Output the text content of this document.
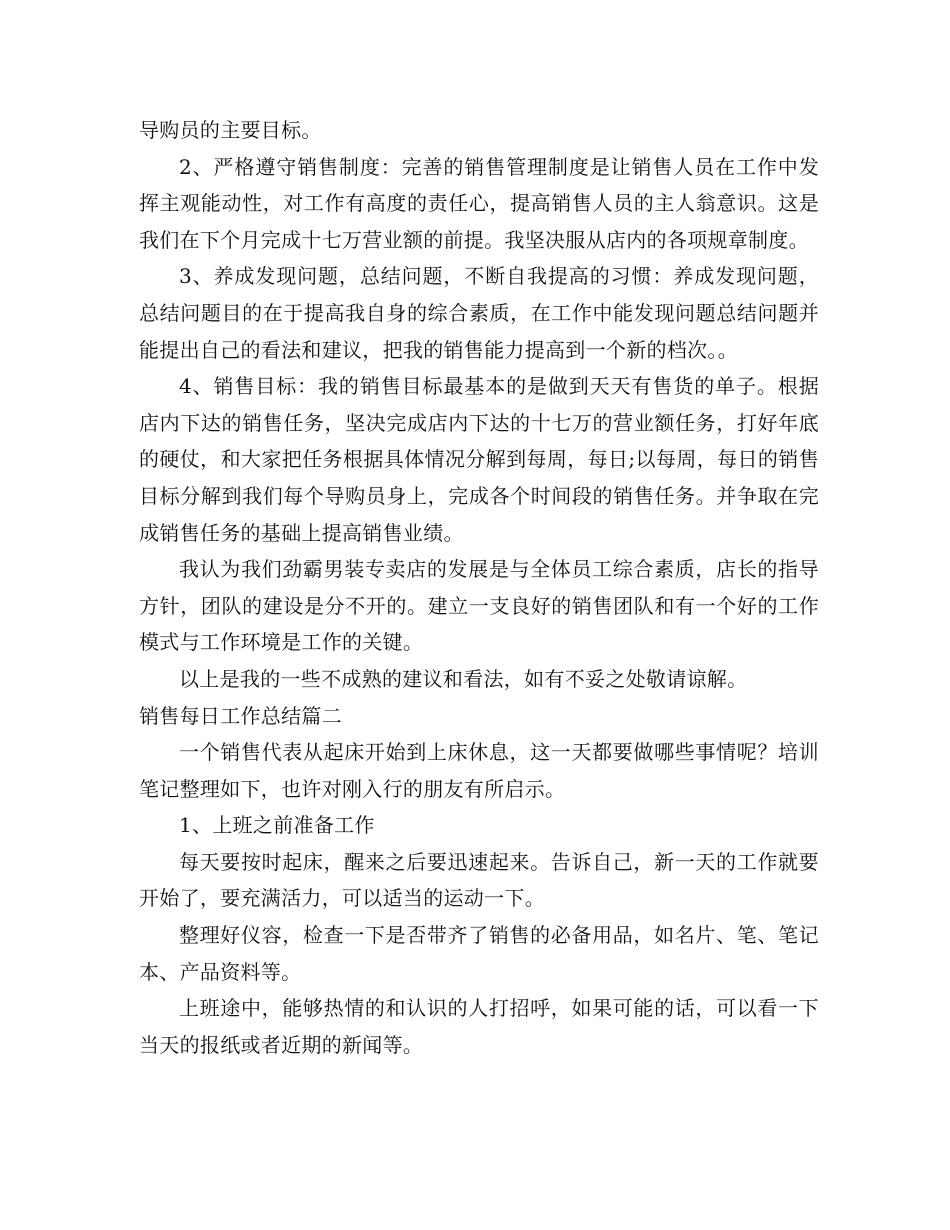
导购员的主要目标。

2、严格遵守销售制度：完善的销售管理制度是让销售人员在工作中发挥主观能动性，对工作有高度的责任心，提高销售人员的主人翁意识。这是我们在下个月完成十七万营业额的前提。我坚决服从店内的各项规章制度。

3、养成发现问题，总结问题，不断自我提高的习惯：养成发现问题，总结问题目的在于提高我自身的综合素质，在工作中能发现问题总结问题并能提出自己的看法和建议，把我的销售能力提高到一个新的档次。。

4、销售目标：我的销售目标最基本的是做到天天有售货的单子。根据店内下达的销售任务，坚决完成店内下达的十七万的营业额任务，打好年底的硬仗，和大家把任务根据具体情况分解到每周，每日;以每周，每日的销售目标分解到我们每个导购员身上，完成各个时间段的销售任务。并争取在完成销售任务的基础上提高销售业绩。

我认为我们劲霸男装专卖店的发展是与全体员工综合素质，店长的指导方针，团队的建设是分不开的。建立一支良好的销售团队和有一个好的工作模式与工作环境是工作的关键。

以上是我的一些不成熟的建议和看法，如有不妥之处敬请谅解。

销售每日工作总结篇二

一个销售代表从起床开始到上床休息，这一天都要做哪些事情呢？培训笔记整理如下，也许对刚入行的朋友有所启示。

1、上班之前准备工作

每天要按时起床，醒来之后要迅速起来。告诉自己，新一天的工作就要开始了，要充满活力，可以适当的运动一下。

整理好仪容，检查一下是否带齐了销售的必备用品，如名片、笔、笔记本、产品资料等。

上班途中，能够热情的和认识的人打招呼，如果可能的话，可以看一下当天的报纸或者近期的新闻等。
